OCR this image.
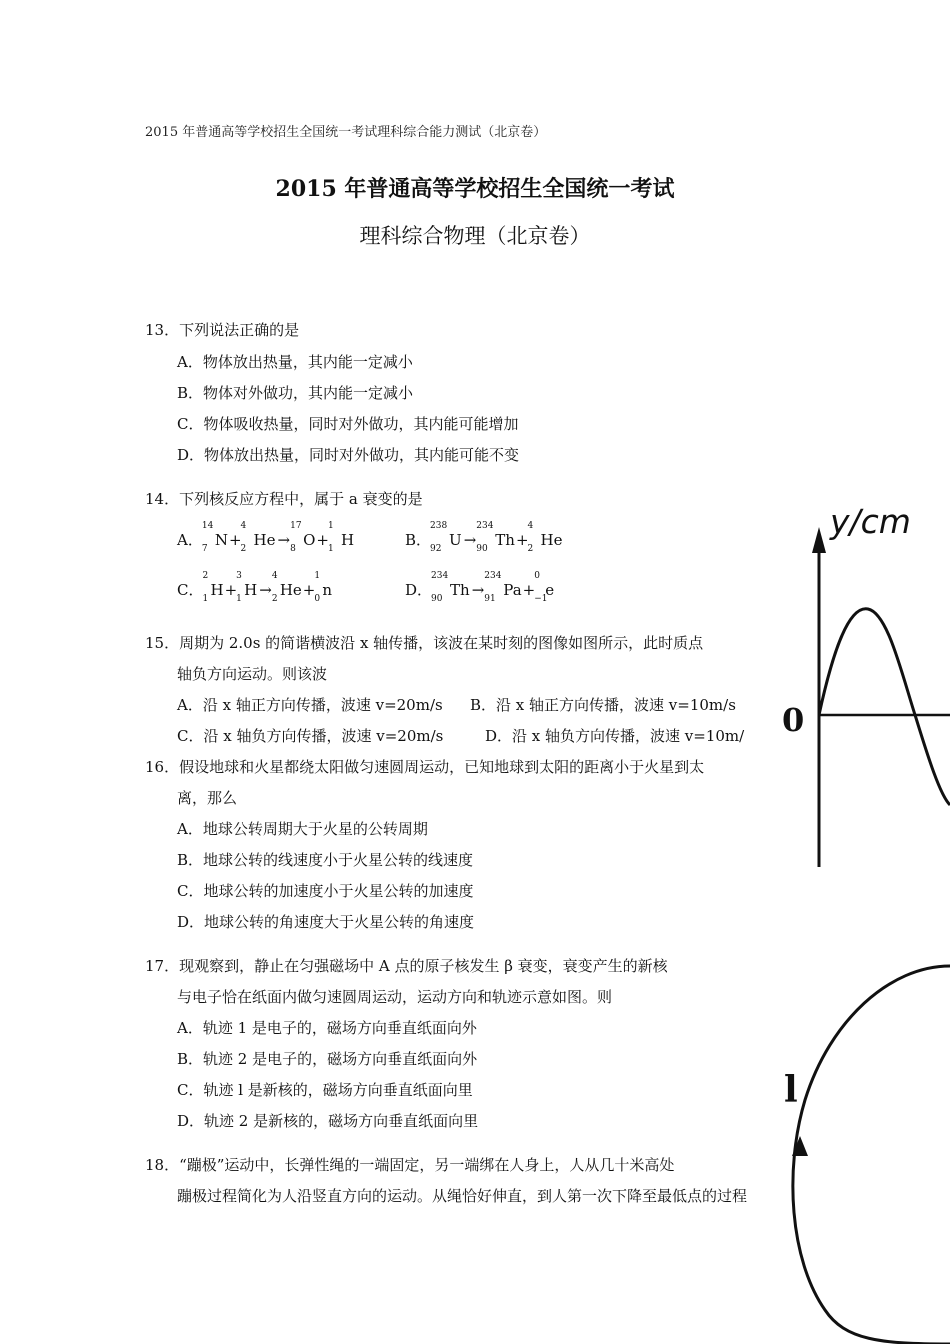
2015 年普通高等学校招生全国统一考试理科综合能力测试（北京卷）
2015 年普通高等学校招生全国统一考试
理科综合物理（北京卷）
13．下列说法正确的是
A．物体放出热量，其内能一定减小
B．物体对外做功，其内能一定减小
C．物体吸收热量，同时对外做功，其内能可能增加
D．物体放出热量，同时对外做功，其内能可能不变
14．下列核反应方程中，属于 a 衰变的是
A．
14
7 N+
4
2 He →
17
8 O+
1
1 H	B．
238
92 U →
234
90 Th+
4
2 He
C．
2
1 H+
3
1 H →
4
2 He+
1
0 n	D．
234
90 Th →
234
91 Pa+
0
−1
e
15．周期为 2.0s 的简谐横波沿 x 轴传播，该波在某时刻的图像如图所示，此时质点
轴负方向运动。则该波
A．沿 x 轴正方向传播，波速 v=20m/s B．沿 x 轴正方向传播，波速 v=10m/s
C．沿 x 轴负方向传播，波速 v=20m/s	D．沿 x 轴负方向传播，波速 v=10m/
16．假设地球和火星都绕太阳做匀速圆周运动，已知地球到太阳的距离小于火星到太
离，那么
A．地球公转周期大于火星的公转周期
B．地球公转的线速度小于火星公转的线速度
C．地球公转的加速度小于火星公转的加速度
D．地球公转的角速度大于火星公转的角速度
17．现观察到，静止在匀强磁场中 A 点的原子核发生 β 衰变，衰变产生的新核
与电子恰在纸面内做匀速圆周运动，运动方向和轨迹示意如图。则
A．轨迹 1 是电子的，磁场方向垂直纸面向外
B．轨迹 2 是电子的，磁场方向垂直纸面向外
C．轨迹 l 是新核的，磁场方向垂直纸面向里
D．轨迹 2 是新核的，磁场方向垂直纸面向里
18．“蹦极”运动中，长弹性绳的一端固定，另一端绑在人身上，人从几十米高处
蹦极过程简化为人沿竖直方向的运动。从绳恰好伸直，到人第一次下降至最低点的过程
y/cm
0
l
